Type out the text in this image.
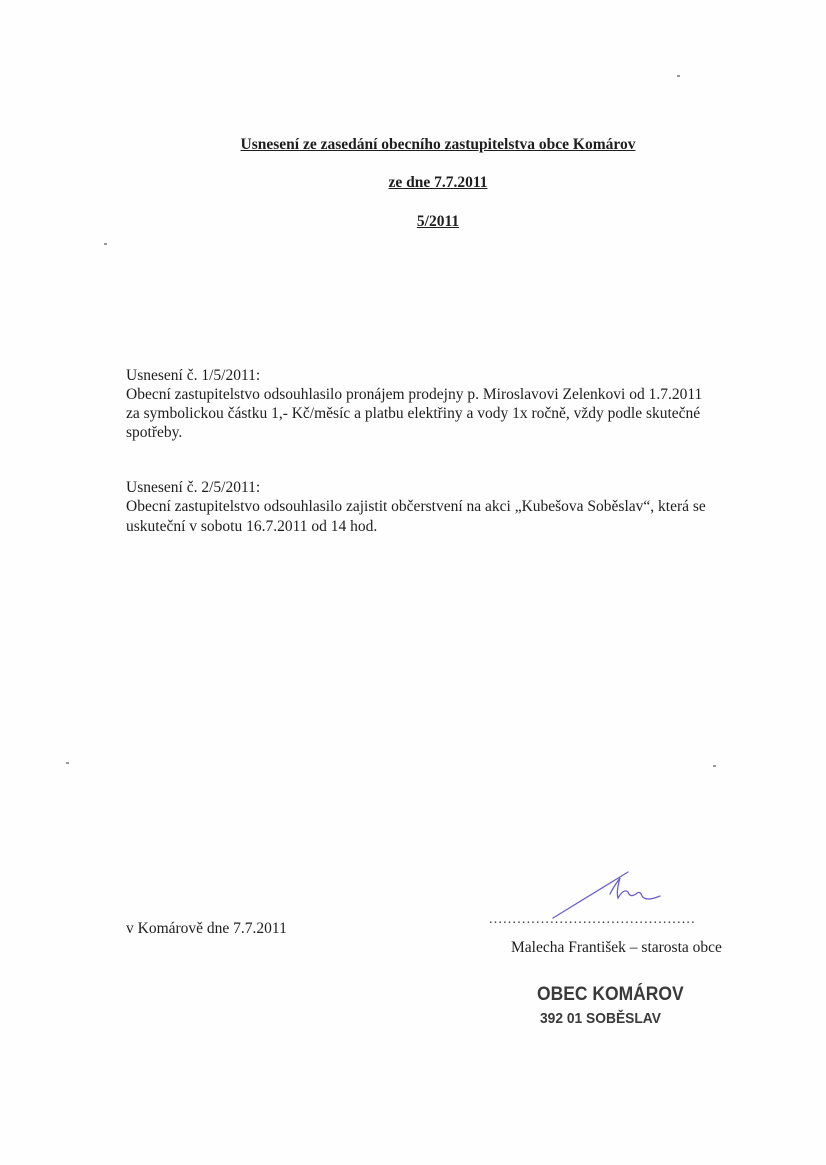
Usnesení ze zasedání obecního zastupitelstva obce Komárov
ze dne 7.7.2011
5/2011
Usnesení č. 1/5/2011:
Obecní zastupitelstvo odsouhlasilo pronájem prodejny p. Miroslavovi Zelenkovi od 1.7.2011
za symbolickou částku 1,- Kč/měsíc a platbu elektřiny a vody 1x ročně, vždy podle skutečné
spotřeby.
Usnesení č. 2/5/2011:
Obecní zastupitelstvo odsouhlasilo zajistit občerstvení na akci „Kubešova Soběslav“, která se
uskuteční v sobotu 16.7.2011 od 14 hod.
v Komárově dne 7.7.2011
............................................
Malecha František – starosta obce
OBEC KOMÁROV
392 01 SOBĚSLAV
